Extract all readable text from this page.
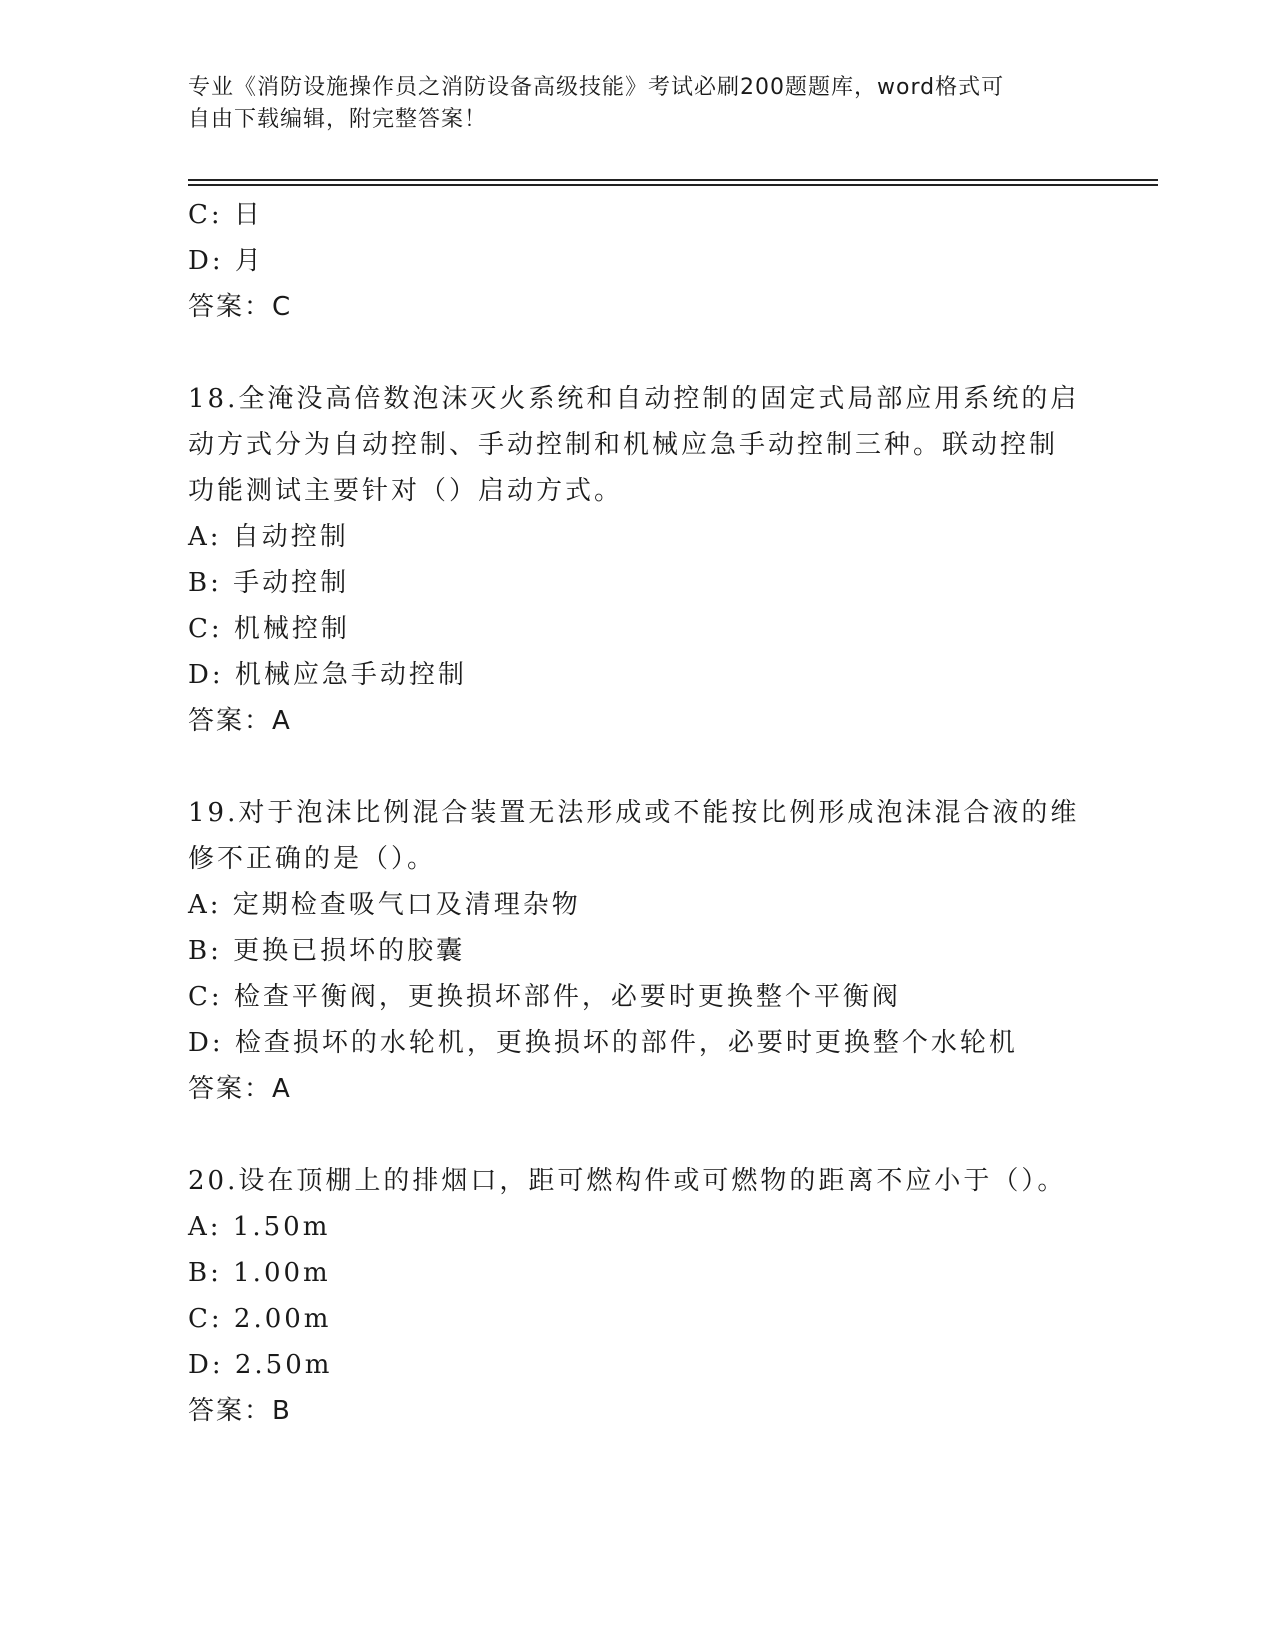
专业《消防设施操作员之消防设备高级技能》考试必刷200题题库，word格式可
自由下载编辑，附完整答案！
C: 日
D: 月
答案：C
18.全淹没高倍数泡沫灭火系统和自动控制的固定式局部应用系统的启
动方式分为自动控制、手动控制和机械应急手动控制三种。联动控制
功能测试主要针对（）启动方式。
A: 自动控制
B: 手动控制
C: 机械控制
D: 机械应急手动控制
答案：A
19.对于泡沫比例混合装置无法形成或不能按比例形成泡沫混合液的维
修不正确的是（）。
A: 定期检查吸气口及清理杂物
B: 更换已损坏的胶囊
C: 检查平衡阀，更换损坏部件，必要时更换整个平衡阀
D: 检查损坏的水轮机，更换损坏的部件，必要时更换整个水轮机
答案：A
20.设在顶棚上的排烟口，距可燃构件或可燃物的距离不应小于（）。
A: 1.50m
B: 1.00m
C: 2.00m
D: 2.50m
答案：B
